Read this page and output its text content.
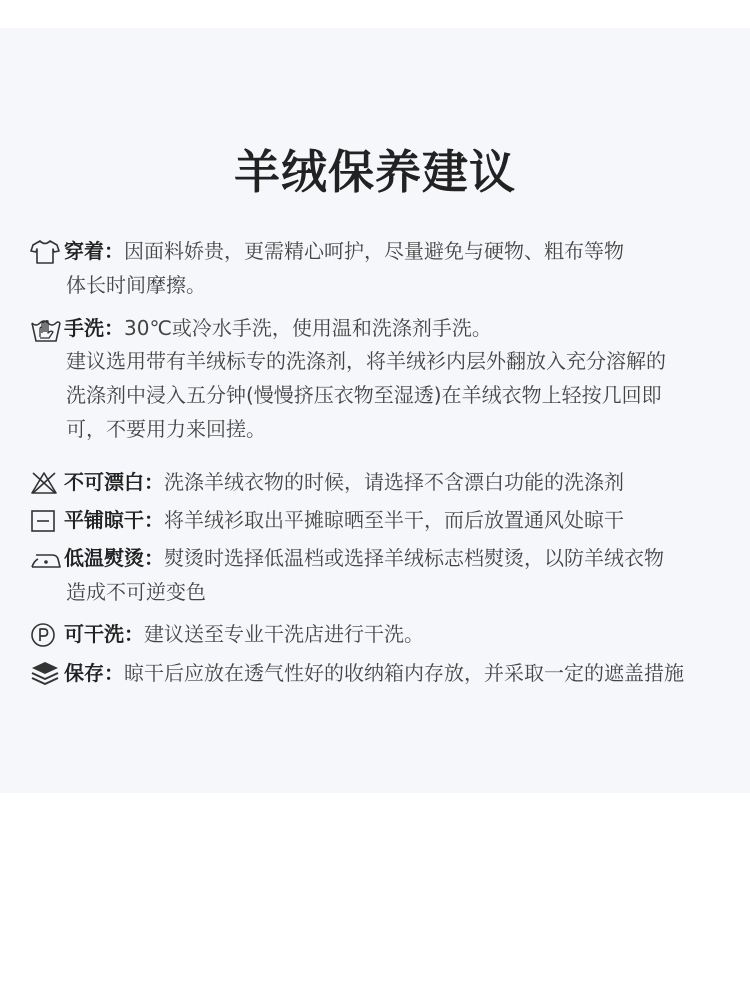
羊绒保养建议
穿着： 因面料娇贵，更需精心呵护，尽量避免与硬物、粗布等物
体长时间摩擦。
手洗： 30℃或冷水手洗，使用温和洗涤剂手洗。
建议选用带有羊绒标专的洗涤剂，将羊绒衫内层外翻放入充分溶解的
洗涤剂中浸入五分钟(慢慢挤压衣物至湿透)在羊绒衣物上轻按几回即
可，不要用力来回搓。
不可漂白： 洗涤羊绒衣物的时候，请选择不含漂白功能的洗涤剂
平铺晾干： 将羊绒衫取出平摊晾晒至半干，而后放置通风处晾干
低温熨烫： 熨烫时选择低温档或选择羊绒标志档熨烫，以防羊绒衣物
造成不可逆变色
可干洗： 建议送至专业干洗店进行干洗。
保存： 晾干后应放在透气性好的收纳箱内存放，并采取一定的遮盖措施
